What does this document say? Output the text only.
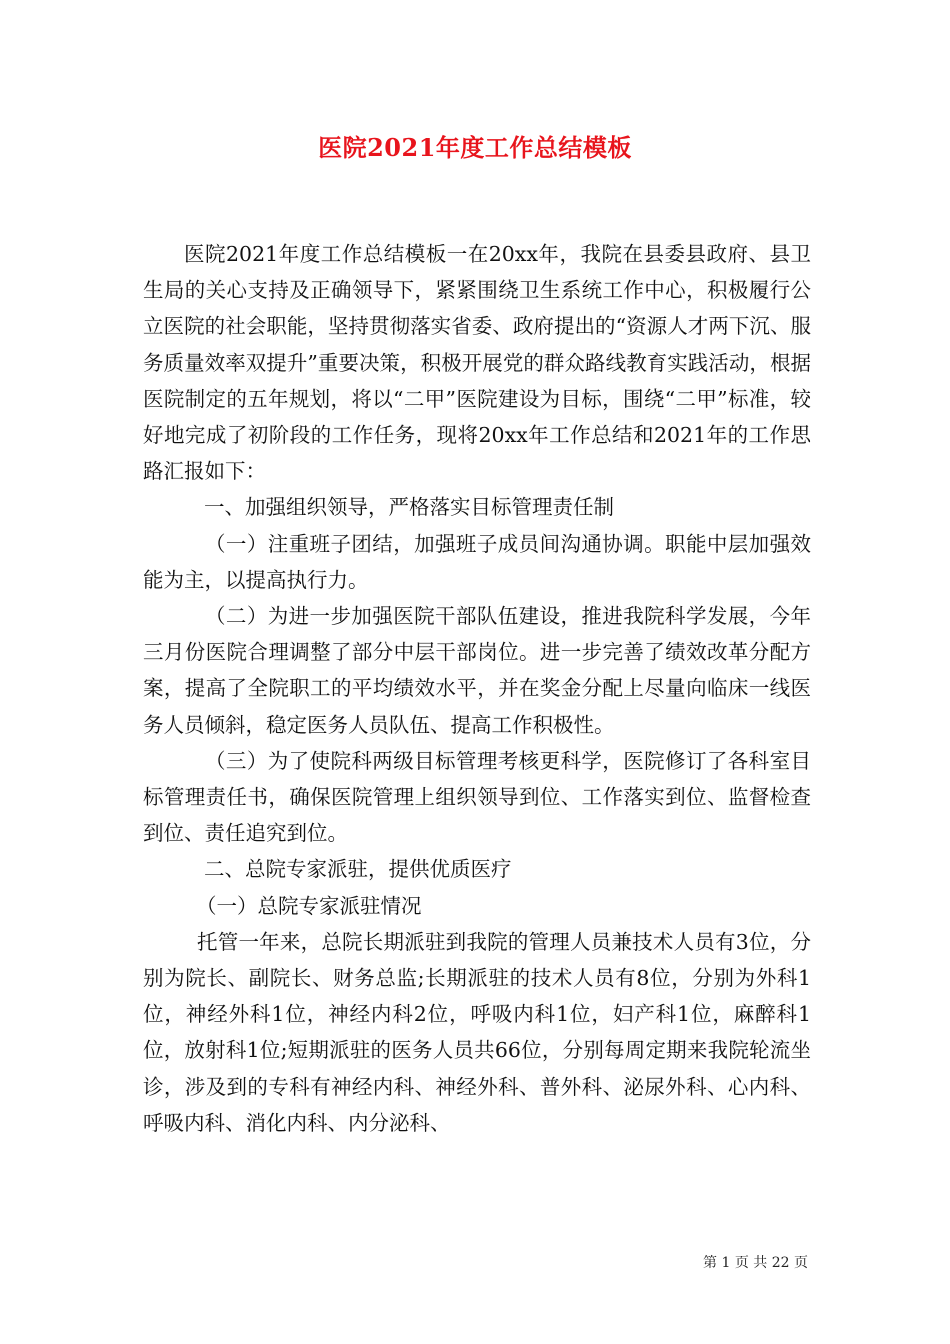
医院2021年度工作总结模板

医院2021年度工作总结模板一在20xx年，我院在县委县政府、县卫生局的关心支持及正确领导下，紧紧围绕卫生系统工作中心，积极履行公立医院的社会职能，坚持贯彻落实省委、政府提出的“资源人才两下沉、服务质量效率双提升”重要决策，积极开展党的群众路线教育实践活动，根据医院制定的五年规划，将以“二甲”医院建设为目标，围绕“二甲”标准，较好地完成了初阶段的工作任务，现将20xx年工作总结和2021年的工作思路汇报如下：

一、加强组织领导，严格落实目标管理责任制

（一）注重班子团结，加强班子成员间沟通协调。职能中层加强效能为主，以提高执行力。

（二）为进一步加强医院干部队伍建设，推进我院科学发展，今年三月份医院合理调整了部分中层干部岗位。进一步完善了绩效改革分配方案，提高了全院职工的平均绩效水平，并在奖金分配上尽量向临床一线医务人员倾斜，稳定医务人员队伍、提高工作积极性。

（三）为了使院科两级目标管理考核更科学，医院修订了各科室目标管理责任书，确保医院管理上组织领导到位、工作落实到位、监督检查到位、责任追究到位。

二、总院专家派驻，提供优质医疗

（一）总院专家派驻情况

托管一年来，总院长期派驻到我院的管理人员兼技术人员有3位，分别为院长、副院长、财务总监;长期派驻的技术人员有8位，分别为外科1位，神经外科1位，神经内科2位，呼吸内科1位，妇产科1位，麻醉科1位，放射科1位;短期派驻的医务人员共66位，分别每周定期来我院轮流坐诊，涉及到的专科有神经内科、神经外科、普外科、泌尿外科、心内科、呼吸内科、消化内科、内分泌科、

第 1 页 共 22 页
